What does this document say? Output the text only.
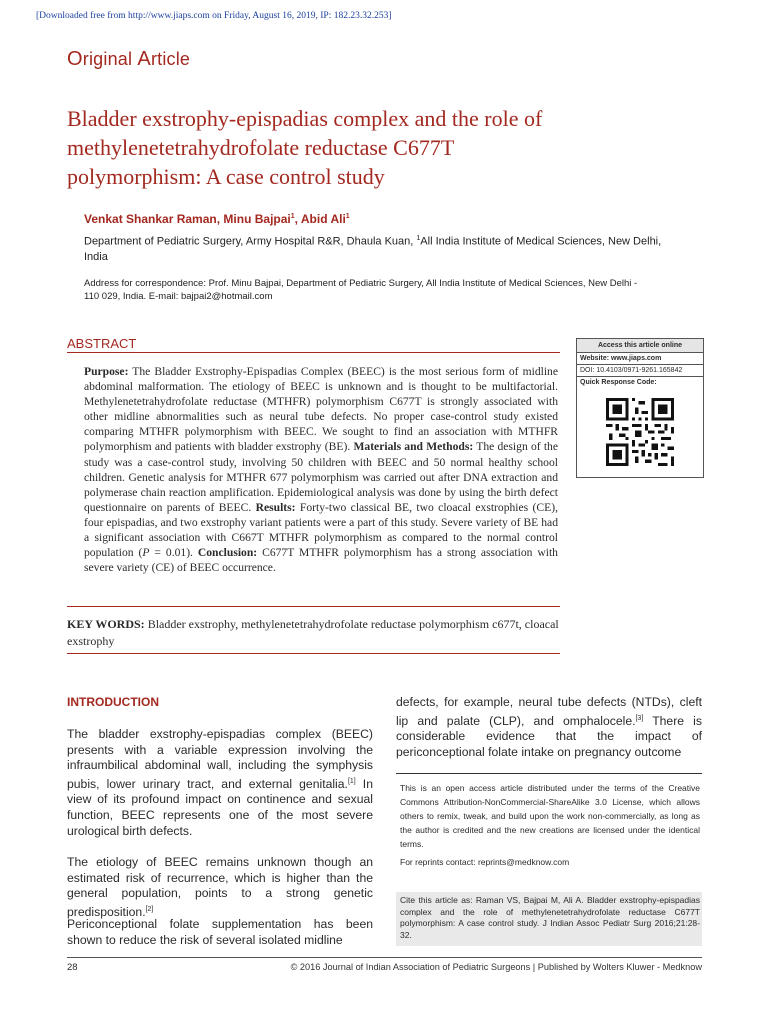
[Downloaded free from http://www.jiaps.com on Friday, August 16, 2019, IP: 182.23.32.253]
Original Article
Bladder exstrophy-epispadias complex and the role of methylenetetrahydrofolate reductase C677T polymorphism: A case control study
Venkat Shankar Raman, Minu Bajpai$^1$, Abid Ali$^1$
Department of Pediatric Surgery, Army Hospital R&R, Dhaula Kuan, $^1$All India Institute of Medical Sciences, New Delhi, India
Address for correspondence: Prof. Minu Bajpai, Department of Pediatric Surgery, All India Institute of Medical Sciences, New Delhi - 110 029, India. E-mail: bajpai2@hotmail.com
ABSTRACT
Purpose: The Bladder Exstrophy-Epispadias Complex (BEEC) is the most serious form of midline abdominal malformation. The etiology of BEEC is unknown and is thought to be multifactorial. Methylenetetrahydrofolate reductase (MTHFR) polymorphism C677T is strongly associated with other midline abnormalities such as neural tube defects. No proper case-control study existed comparing MTHFR polymorphism with BEEC. We sought to find an association with MTHFR polymorphism and patients with bladder exstrophy (BE). Materials and Methods: The design of the study was a case-control study, involving 50 children with BEEC and 50 normal healthy school children. Genetic analysis for MTHFR 677 polymorphism was carried out after DNA extraction and polymerase chain reaction amplification. Epidemiological analysis was done by using the birth defect questionnaire on parents of BEEC. Results: Forty-two classical BE, two cloacal exstrophies (CE), four epispadias, and two exstrophy variant patients were a part of this study. Severe variety of BE had a significant association with C667T MTHFR polymorphism as compared to the normal control population (P = 0.01). Conclusion: C677T MTHFR polymorphism has a strong association with severe variety (CE) of BEEC occurrence.
Access this article online
Website: www.jiaps.com
DOI: 10.4103/0971-9261.165842
Quick Response Code:
KEY WORDS: Bladder exstrophy, methylenetetrahydrofolate reductase polymorphism c677t, cloacal exstrophy
INTRODUCTION
The bladder exstrophy-epispadias complex (BEEC) presents with a variable expression involving the infraumbilical abdominal wall, including the symphysis pubis, lower urinary tract, and external genitalia.[1] In view of its profound impact on continence and sexual function, BEEC represents one of the most severe urological birth defects.
The etiology of BEEC remains unknown though an estimated risk of recurrence, which is higher than the general population, points to a strong genetic predisposition.[2]
Periconceptional folate supplementation has been shown to reduce the risk of several isolated midline
defects, for example, neural tube defects (NTDs), cleft lip and palate (CLP), and omphalocele.[3] There is considerable evidence that the impact of periconceptional folate intake on pregnancy outcome
This is an open access article distributed under the terms of the Creative Commons Attribution-NonCommercial-ShareAlike 3.0 License, which allows others to remix, tweak, and build upon the work non-commercially, as long as the author is credited and the new creations are licensed under the identical terms.
For reprints contact: reprints@medknow.com
Cite this article as: Raman VS, Bajpai M, Ali A. Bladder exstrophy-epispadias complex and the role of methylenetetrahydrofolate reductase C677T polymorphism: A case control study. J Indian Assoc Pediatr Surg 2016;21:28-32.
28	© 2016 Journal of Indian Association of Pediatric Surgeons | Published by Wolters Kluwer - Medknow
